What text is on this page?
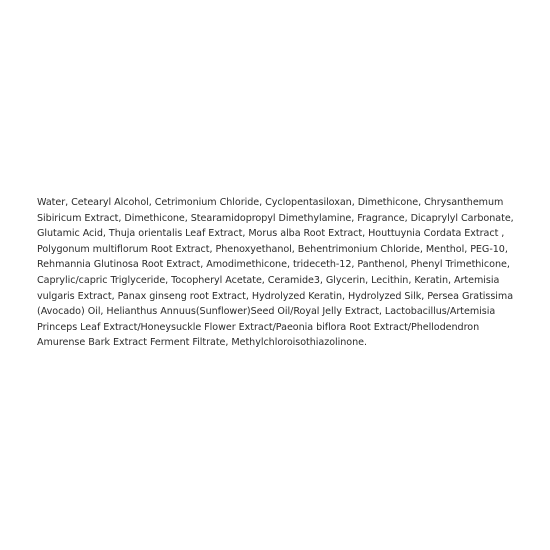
Water, Cetearyl Alcohol, Cetrimonium Chloride, Cyclopentasiloxan, Dimethicone, Chrysanthemum
Sibiricum Extract, Dimethicone, Stearamidopropyl Dimethylamine, Fragrance, Dicaprylyl Carbonate,
Glutamic Acid, Thuja orientalis Leaf Extract, Morus alba Root Extract, Houttuynia Cordata Extract ,
Polygonum multiflorum Root Extract, Phenoxyethanol, Behentrimonium Chloride, Menthol, PEG-10,
Rehmannia Glutinosa Root Extract, Amodimethicone, trideceth-12, Panthenol, Phenyl Trimethicone,
Caprylic/capric Triglyceride, Tocopheryl Acetate, Ceramide3, Glycerin, Lecithin, Keratin, Artemisia
vulgaris Extract, Panax ginseng root Extract, Hydrolyzed Keratin, Hydrolyzed Silk, Persea Gratissima
(Avocado) Oil, Helianthus Annuus(Sunflower)Seed Oil/Royal Jelly Extract, Lactobacillus/Artemisia
Princeps Leaf Extract/Honeysuckle Flower Extract/Paeonia biflora Root Extract/Phellodendron
Amurense Bark Extract Ferment Filtrate, Methylchloroisothiazolinone.
